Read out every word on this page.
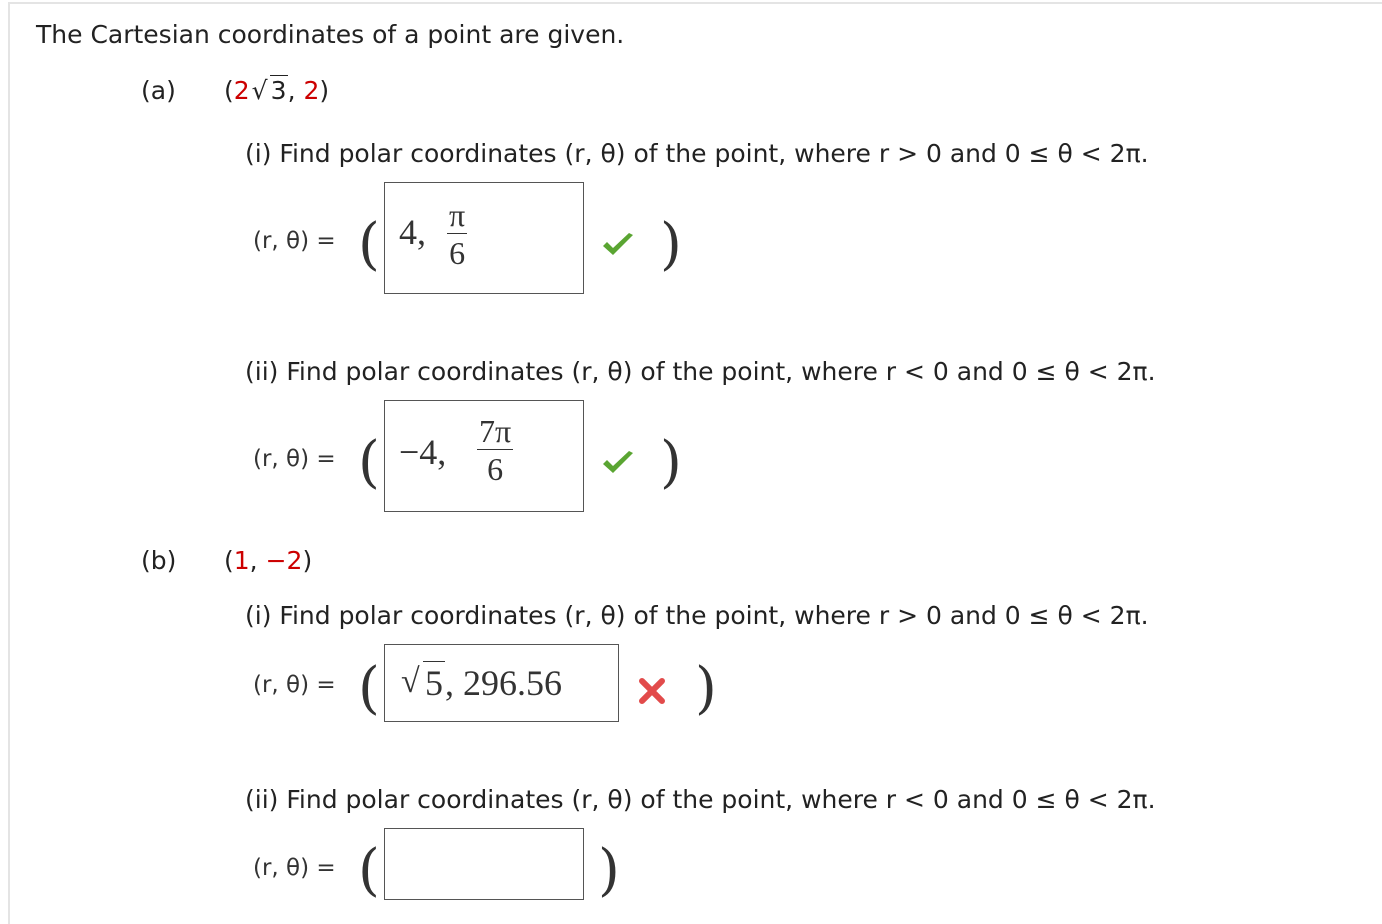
The Cartesian coordinates of a point are given.
(a) (2 √ 3, 2)
(i) Find polar coordinates (r, θ) of the point, where r > 0 and 0 ≤ θ < 2π.
(r, θ) = ( 4, $\frac{\pi}{6}$	)
(ii) Find polar coordinates (r, θ) of the point, where r < 0 and 0 ≤ θ < 2π.
(r, θ) = ( −4, $\frac{7\pi}{6}$	)
(b) (1, −2)
(i) Find polar coordinates (r, θ) of the point, where r > 0 and 0 ≤ θ < 2π.
(r, θ) = ( √ 5, 296.56 )
(ii) Find polar coordinates (r, θ) of the point, where r < 0 and 0 ≤ θ < 2π.
(r, θ) = (	)
